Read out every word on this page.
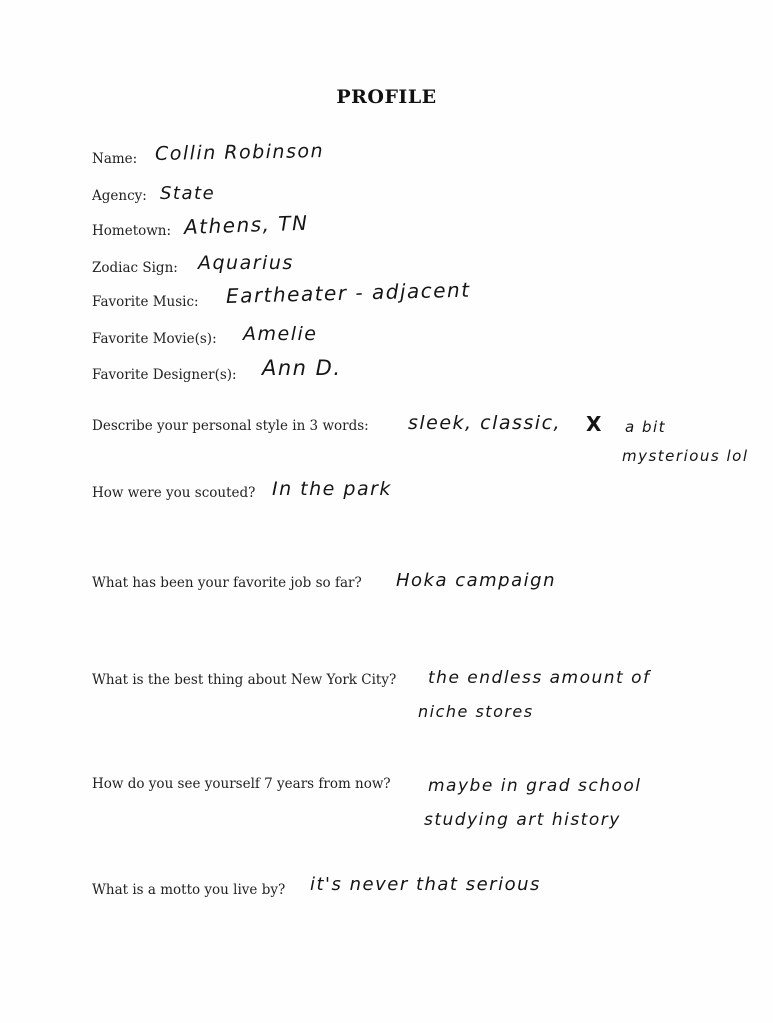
PROFILE
Name: Collin Robinson
Agency: State
Hometown: Athens, TN
Zodiac Sign: Aquarius
Favorite Music: Eartheater - adjacent
Favorite Movie(s): Amelie
Favorite Designer(s): Ann D.
Describe your personal style in 3 words: sleek, classic, X a bit
mysterious lol
How were you scouted? In the park
What has been your favorite job so far? Hoka campaign
What is the best thing about New York City? the endless amount of
niche stores
How do you see yourself 7 years from now? maybe in grad school
studying art history
What is a motto you live by? it's never that serious
